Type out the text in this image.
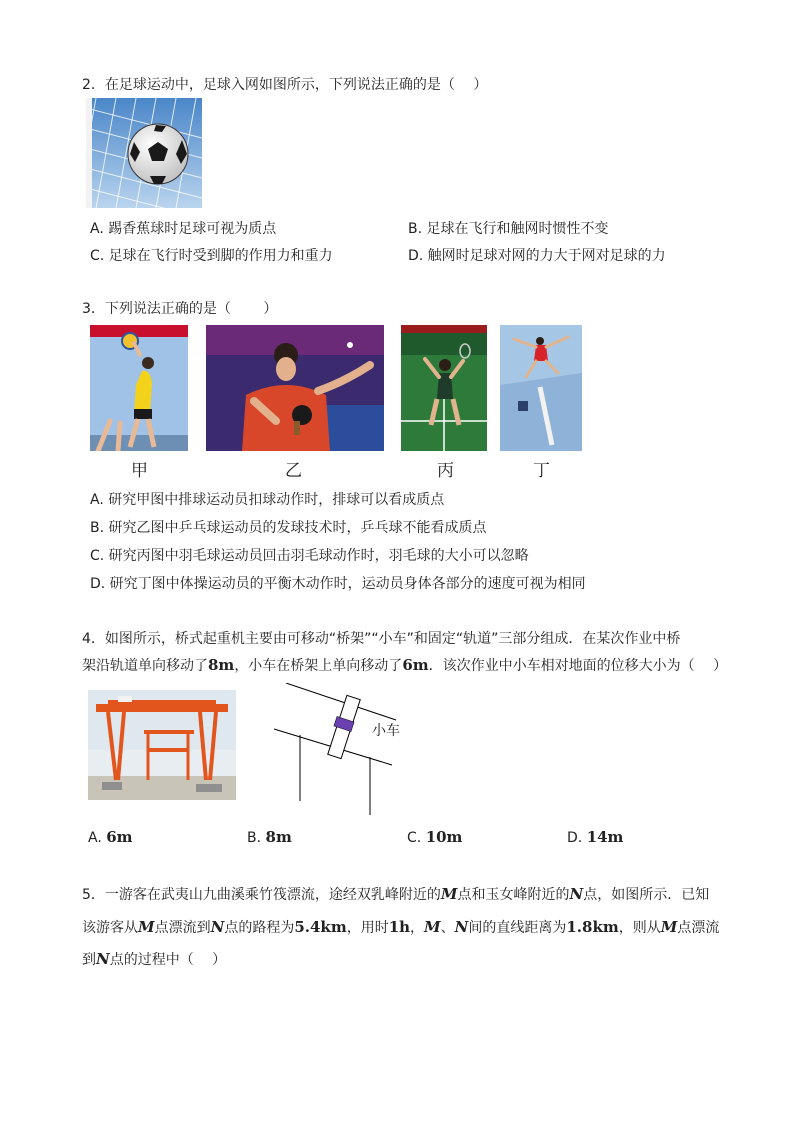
2．在足球运动中，足球入网如图所示，下列说法正确的是（　 ）
A. 踢香蕉球时足球可视为质点	B. 足球在飞行和触网时惯性不变
C. 足球在飞行时受到脚的作用力和重力	D. 触网时足球对网的力大于网对足球的力
3．下列说法正确的是（　　 ）
甲	乙	丙	丁
A. 研究甲图中排球运动员扣球动作时，排球可以看成质点
B. 研究乙图中乒乓球运动员的发球技术时，乒乓球不能看成质点
C. 研究丙图中羽毛球运动员回击羽毛球动作时，羽毛球的大小可以忽略
D. 研究丁图中体操运动员的平衡木动作时，运动员身体各部分的速度可视为相同
4．如图所示，桥式起重机主要由可移动“桥架”“小车”和固定“轨道”三部分组成．在某次作业中桥
架沿轨道单向移动了8m，小车在桥架上单向移动了6m．该次作业中小车相对地面的位移大小为（　 ）
小车
A. 6m	B. 8m	C. 10m	D. 14m
5．一游客在武夷山九曲溪乘竹筏漂流，途经双乳峰附近的M点和玉女峰附近的N点，如图所示．已知
该游客从M点漂流到N点的路程为5.4km，用时1h，M、N间的直线距离为1.8km，则从M点漂流
到N点的过程中（　 ）
